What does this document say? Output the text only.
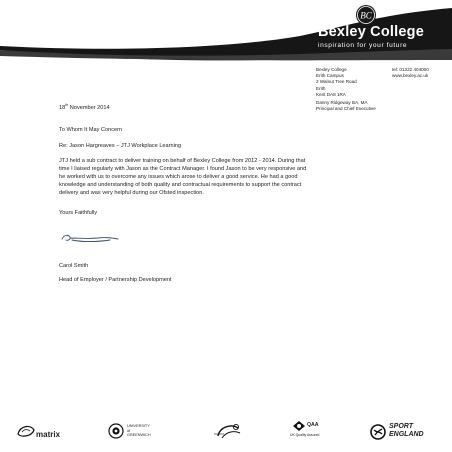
BC
Bexley College
inspiration for your future
Bexley College
Erith Campus
2 Walnut Tree Road
Erith
Kent DA8 1RA
tel: 01322 404000
www.bexley.ac.uk
Danny Ridgeway BA, MA
Principal and Chief Executive
18th November 2014
To Whom It May Concern
Re: Jason Hargreaves – JTJ Workplace Learning
JTJ held a sub contract to deliver training on behalf of Bexley College from 2012 - 2014. During that
time I liaised regularly with Jason as the Contract Manager. I found Jason to be very responsive and
he worked with us to overcome any issues which arose to deliver a good service. He had a good
knowledge and understanding of both quality and contractual requirements to support the contract
delivery and was very helpful during our Ofsted inspection.
Yours Faithfully
Carol Smith
Head of Employer / Partnership Development
matrix
UNIVERSITY
of
GREENWICH
QAA
UK Quality Assured
SPORT
ENGLAND
